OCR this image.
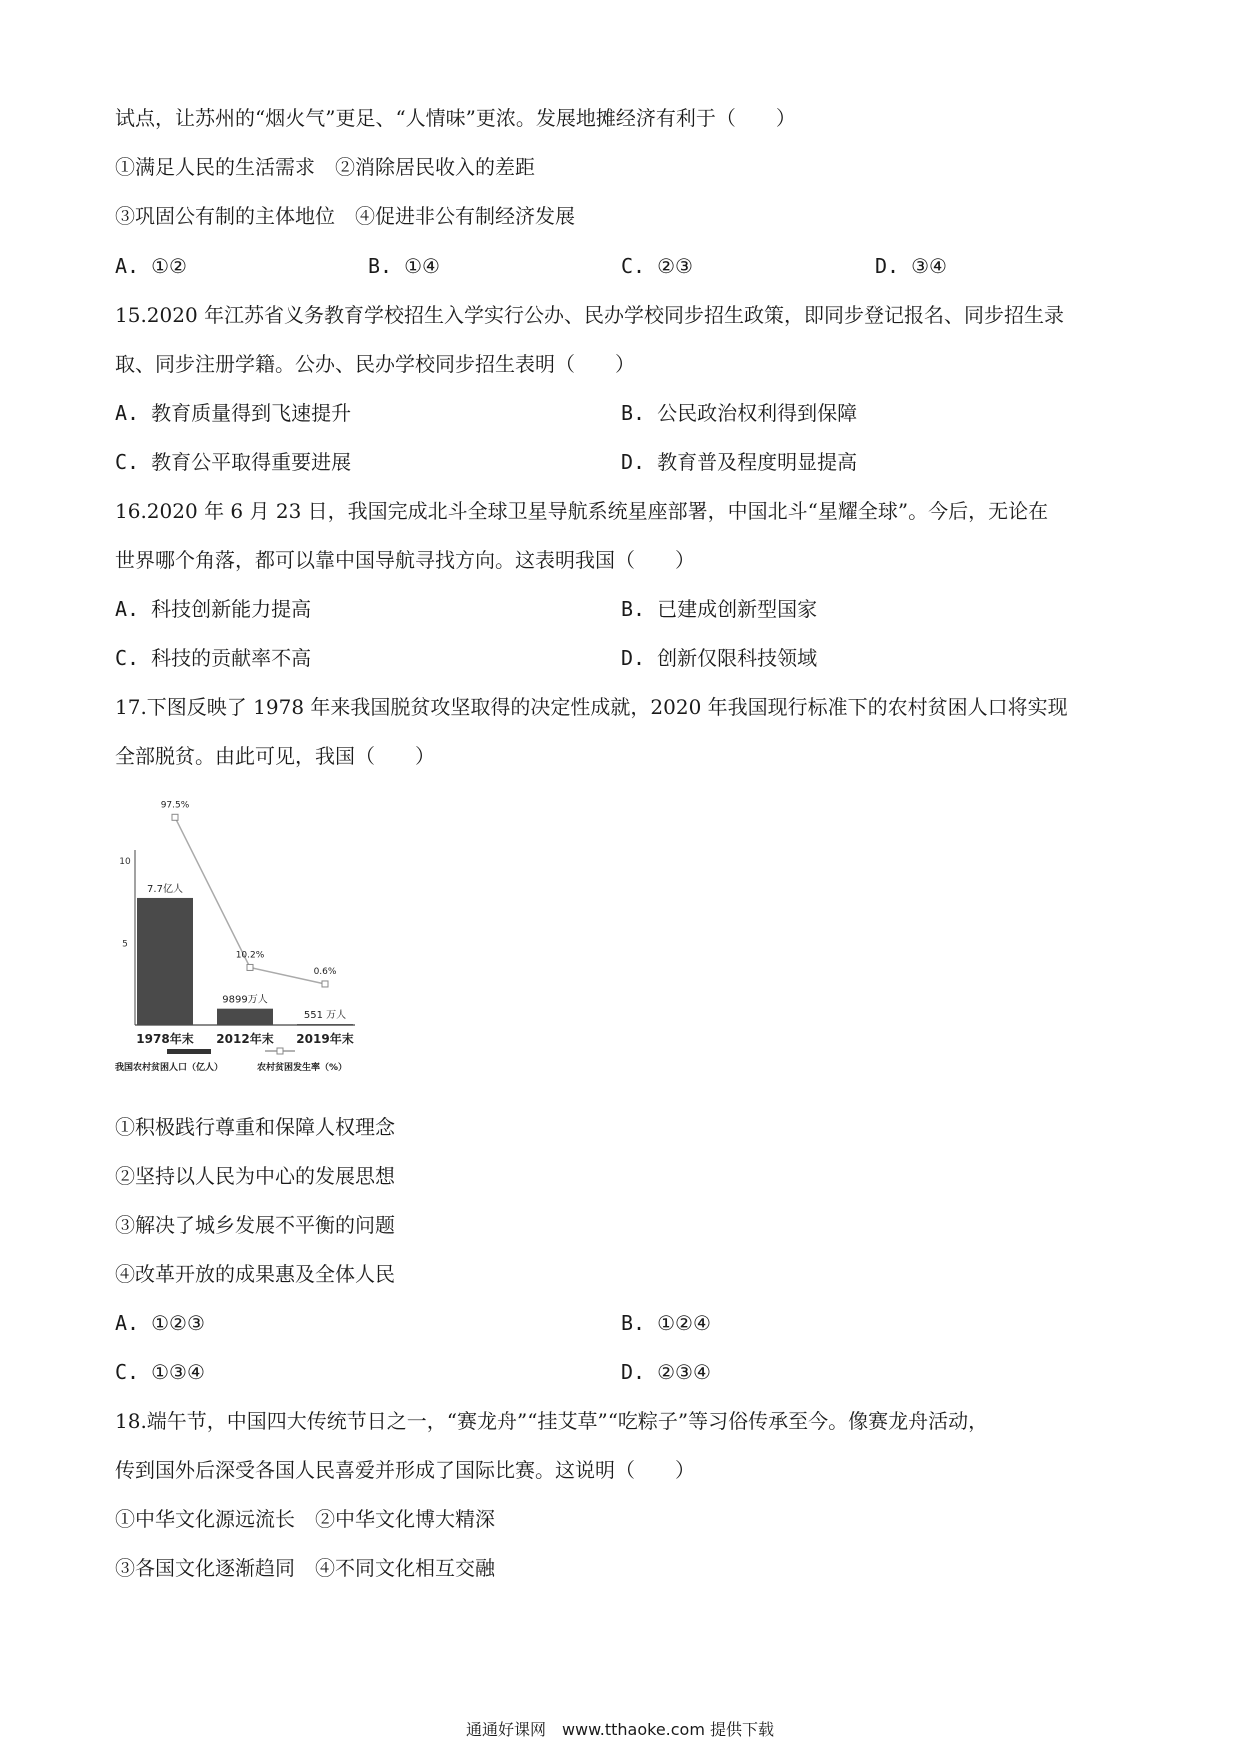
试点，让苏州的“烟火气”更足、“人情味”更浓。发展地摊经济有利于（　　）
①满足人民的生活需求　②消除居民收入的差距
③巩固公有制的主体地位　④促进非公有制经济发展
A. ①②	B. ①④	C. ②③	D. ③④
15.2020 年江苏省义务教育学校招生入学实行公办、民办学校同步招生政策，即同步登记报名、同步招生录
取、同步注册学籍。公办、民办学校同步招生表明（　　）
A. 教育质量得到飞速提升	B. 公民政治权利得到保障
C. 教育公平取得重要进展	D. 教育普及程度明显提高
16.2020 年 6 月 23 日，我国完成北斗全球卫星导航系统星座部署，中国北斗“星耀全球”。今后，无论在
世界哪个角落，都可以靠中国导航寻找方向。这表明我国（　　）
A. 科技创新能力提高	B. 已建成创新型国家
C. 科技的贡献率不高	D. 创新仅限科技领域
17.下图反映了 1978 年来我国脱贫攻坚取得的决定性成就，2020 年我国现行标准下的农村贫困人口将实现
全部脱贫。由此可见，我国（　　）
10
5
7.7亿人
1978年末
9899万人
2012年末
551 万人
2019年末
97.5%
10.2%
0.6%
我国农村贫困人口（亿人）	农村贫困发生率（%）
①积极践行尊重和保障人权理念
②坚持以人民为中心的发展思想
③解决了城乡发展不平衡的问题
④改革开放的成果惠及全体人民
A. ①②③	B. ①②④
C. ①③④	D. ②③④
18.端午节，中国四大传统节日之一，“赛龙舟”“挂艾草”“吃粽子”等习俗传承至今。像赛龙舟活动，
传到国外后深受各国人民喜爱并形成了国际比赛。这说明（　　）
①中华文化源远流长　②中华文化博大精深
③各国文化逐渐趋同　④不同文化相互交融
通通好课网　www.tthaoke.com 提供下载
